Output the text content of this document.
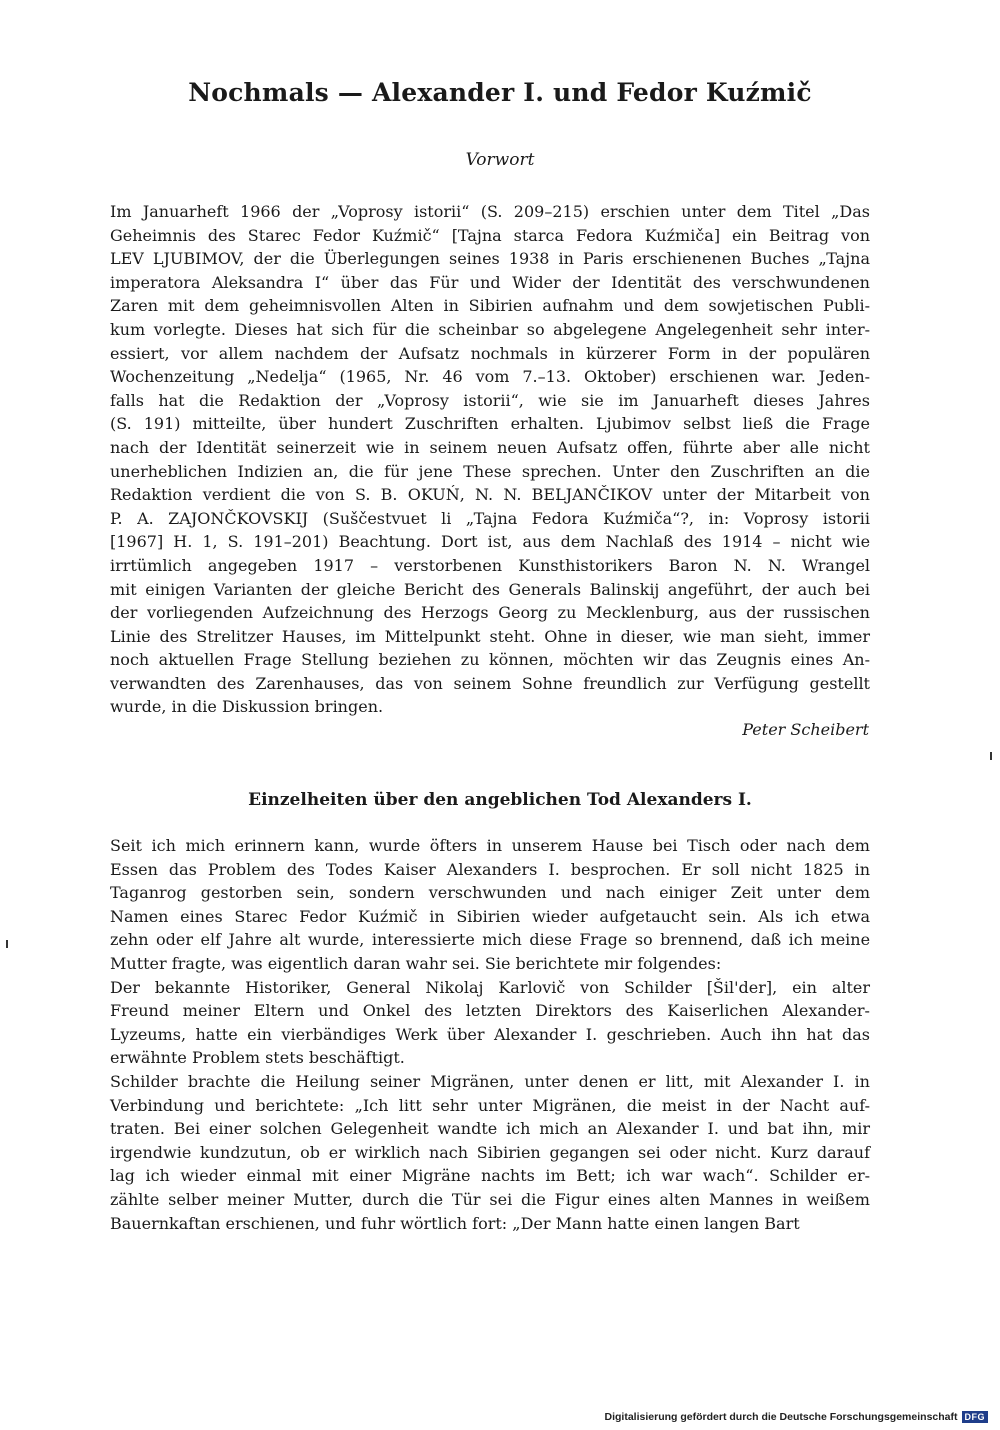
Nochmals — Alexander I. und Fedor Kuźmič
Vorwort
Im Januarheft 1966 der „Voprosy istorii“ (S. 209–215) erschien unter dem Titel „Das
Geheimnis des Starec Fedor Kuźmič“ [Tajna starca Fedora Kuźmiča] ein Beitrag von
LEV LJUBIMOV, der die Überlegungen seines 1938 in Paris erschienenen Buches „Tajna
imperatora Aleksandra I“ über das Für und Wider der Identität des verschwundenen
Zaren mit dem geheimnisvollen Alten in Sibirien aufnahm und dem sowjetischen Publi-
kum vorlegte. Dieses hat sich für die scheinbar so abgelegene Angelegenheit sehr inter-
essiert, vor allem nachdem der Aufsatz nochmals in kürzerer Form in der populären
Wochenzeitung „Nedelja“ (1965, Nr. 46 vom 7.–13. Oktober) erschienen war. Jeden-
falls hat die Redaktion der „Voprosy istorii“, wie sie im Januarheft dieses Jahres
(S. 191) mitteilte, über hundert Zuschriften erhalten. Ljubimov selbst ließ die Frage
nach der Identität seinerzeit wie in seinem neuen Aufsatz offen, führte aber alle nicht
unerheblichen Indizien an, die für jene These sprechen. Unter den Zuschriften an die
Redaktion verdient die von S. B. OKUŃ, N. N. BELJANČIKOV unter der Mitarbeit von
P. A. ZAJONČKOVSKIJ (Suščestvuet li „Tajna Fedora Kuźmiča“?, in: Voprosy istorii
[1967] H. 1, S. 191–201) Beachtung. Dort ist, aus dem Nachlaß des 1914 – nicht wie
irrtümlich angegeben 1917 – verstorbenen Kunsthistorikers Baron N. N. Wrangel
mit einigen Varianten der gleiche Bericht des Generals Balinskij angeführt, der auch bei
der vorliegenden Aufzeichnung des Herzogs Georg zu Mecklenburg, aus der russischen
Linie des Strelitzer Hauses, im Mittelpunkt steht. Ohne in dieser, wie man sieht, immer
noch aktuellen Frage Stellung beziehen zu können, möchten wir das Zeugnis eines An-
verwandten des Zarenhauses, das von seinem Sohne freundlich zur Verfügung gestellt
wurde, in die Diskussion bringen.
Peter Scheibert
Einzelheiten über den angeblichen Tod Alexanders I.
Seit ich mich erinnern kann, wurde öfters in unserem Hause bei Tisch oder nach dem
Essen das Problem des Todes Kaiser Alexanders I. besprochen. Er soll nicht 1825 in
Taganrog gestorben sein, sondern verschwunden und nach einiger Zeit unter dem
Namen eines Starec Fedor Kuźmič in Sibirien wieder aufgetaucht sein. Als ich etwa
zehn oder elf Jahre alt wurde, interessierte mich diese Frage so brennend, daß ich meine
Mutter fragte, was eigentlich daran wahr sei. Sie berichtete mir folgendes:
Der bekannte Historiker, General Nikolaj Karlovič von Schilder [Šil'der], ein alter
Freund meiner Eltern und Onkel des letzten Direktors des Kaiserlichen Alexander-
Lyzeums, hatte ein vierbändiges Werk über Alexander I. geschrieben. Auch ihn hat das
erwähnte Problem stets beschäftigt.
Schilder brachte die Heilung seiner Migränen, unter denen er litt, mit Alexander I. in
Verbindung und berichtete: „Ich litt sehr unter Migränen, die meist in der Nacht auf-
traten. Bei einer solchen Gelegenheit wandte ich mich an Alexander I. und bat ihn, mir
irgendwie kundzutun, ob er wirklich nach Sibirien gegangen sei oder nicht. Kurz darauf
lag ich wieder einmal mit einer Migräne nachts im Bett; ich war wach“. Schilder er-
zählte selber meiner Mutter, durch die Tür sei die Figur eines alten Mannes in weißem
Bauernkaftan erschienen, und fuhr wörtlich fort: „Der Mann hatte einen langen Bart
Digitalisierung gefördert durch die Deutsche Forschungsgemeinschaft DFG
